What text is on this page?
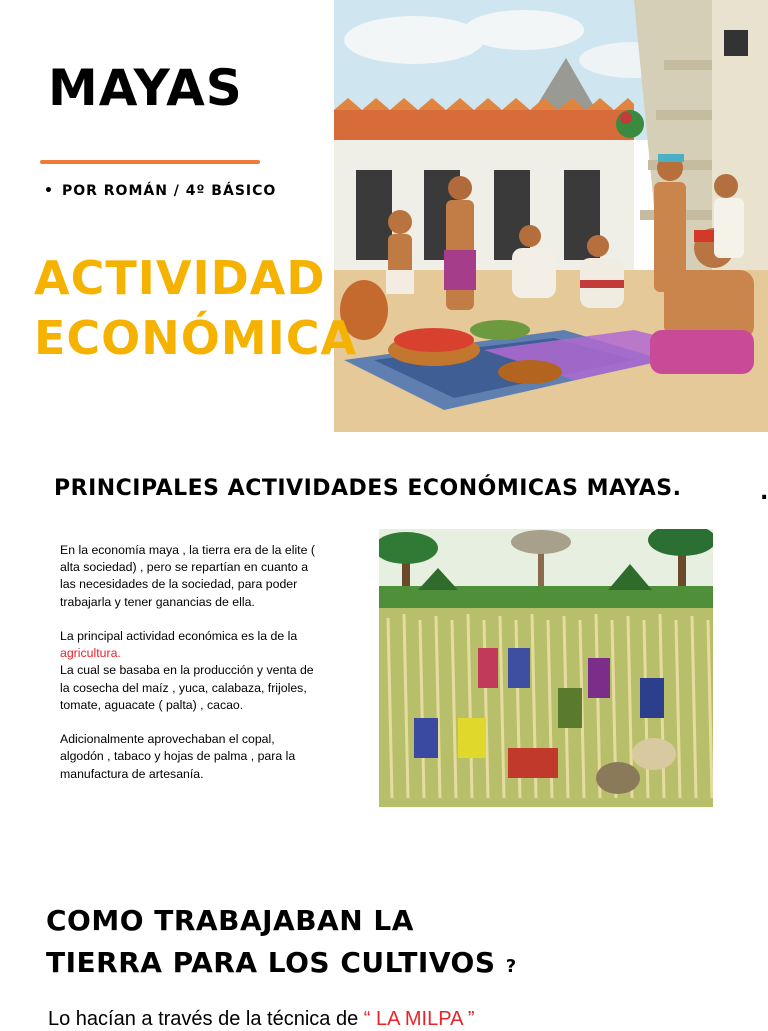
MAYAS
• POR ROMÁN / 4º BÁSICO
ACTIVIDAD
ECONÓMICA
PRINCIPALES ACTIVIDADES ECONÓMICAS MAYAS.	.

En la economía maya , la tierra era de la elite ( alta sociedad) , pero se repartían en cuanto a las necesidades de la sociedad, para poder trabajarla y tener ganancias de ella.

La principal actividad económica es la de la
agricultura.
La cual se basaba en la producción y venta de la cosecha del maíz , yuca, calabaza, frijoles, tomate, aguacate ( palta) , cacao.

Adicionalmente aprovechaban el copal, algodón , tabaco y hojas de palma , para la manufactura de artesanía.

COMO TRABAJABAN LA
TIERRA PARA LOS CULTIVOS ?
Lo hacían a través de la técnica de “ LA MILPA ”
